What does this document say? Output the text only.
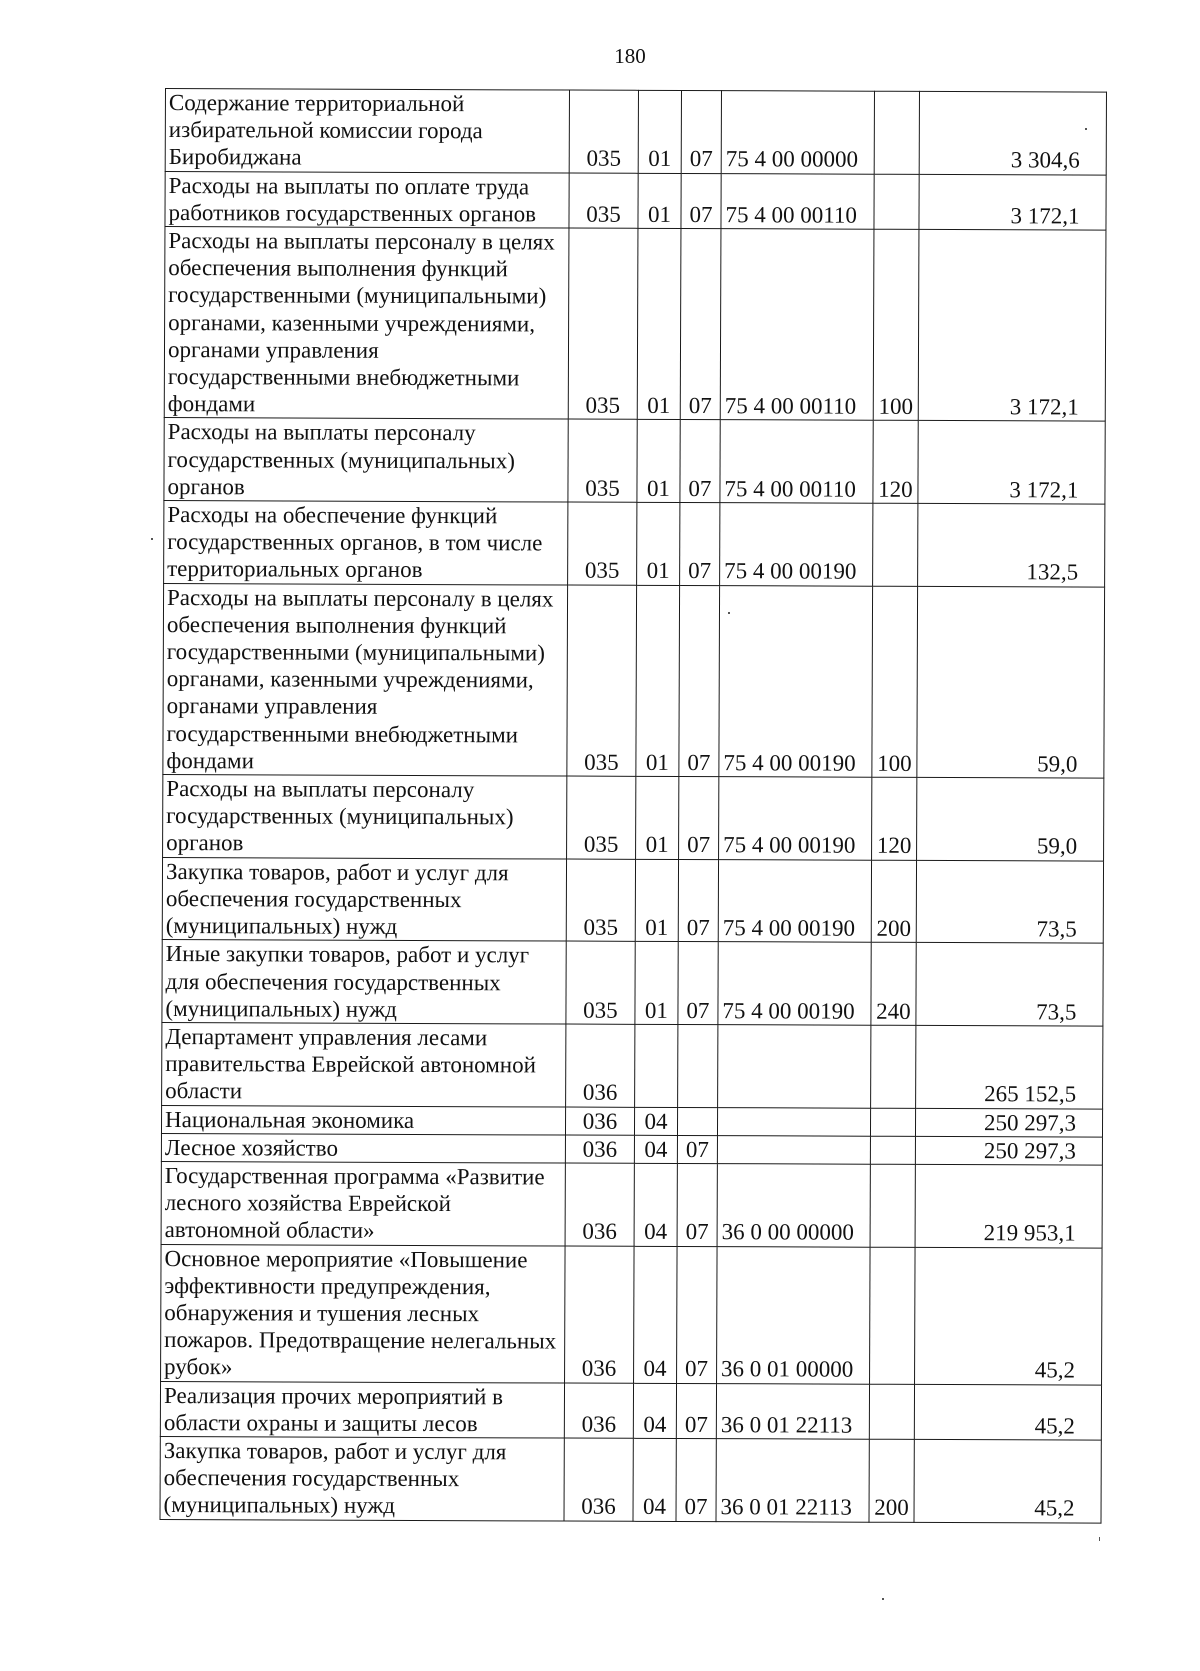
180
Содержание территориальной избирательной комиссии города Биробиджана	035	01	07	75 4 00 00000		3 304,6
Расходы на выплаты по оплате труда работников государственных органов	035	01	07	75 4 00 00110		3 172,1
Расходы на выплаты персоналу в целях обеспечения выполнения функций государственными (муниципальными) органами, казенными учреждениями, органами управления государственными внебюджетными фондами	035	01	07	75 4 00 00110	100	3 172,1
Расходы на выплаты персоналу государственных (муниципальных) органов	035	01	07	75 4 00 00110	120	3 172,1
Расходы на обеспечение функций государственных органов, в том числе территориальных органов	035	01	07	75 4 00 00190		132,5
Расходы на выплаты персоналу в целях обеспечения выполнения функций государственными (муниципальными) органами, казенными учреждениями, органами управления государственными внебюджетными фондами	035	01	07	75 4 00 00190	100	59,0
Расходы на выплаты персоналу государственных (муниципальных) органов	035	01	07	75 4 00 00190	120	59,0
Закупка товаров, работ и услуг для обеспечения государственных (муниципальных) нужд	035	01	07	75 4 00 00190	200	73,5
Иные закупки товаров, работ и услуг для обеспечения государственных (муниципальных) нужд	035	01	07	75 4 00 00190	240	73,5
Департамент управления лесами правительства Еврейской автономной области	036					265 152,5
Национальная экономика	036	04				250 297,3
Лесное хозяйство	036	04	07			250 297,3
Государственная программа «Развитие лесного хозяйства Еврейской автономной области»	036	04	07	36 0 00 00000		219 953,1
Основное мероприятие «Повышение эффективности предупреждения, обнаружения и тушения лесных пожаров. Предотвращение нелегальных рубок»	036	04	07	36 0 01 00000		45,2
Реализация прочих мероприятий в области охраны и защиты лесов	036	04	07	36 0 01 22113		45,2
Закупка товаров, работ и услуг для обеспечения государственных (муниципальных) нужд	036	04	07	36 0 01 22113	200	45,2
